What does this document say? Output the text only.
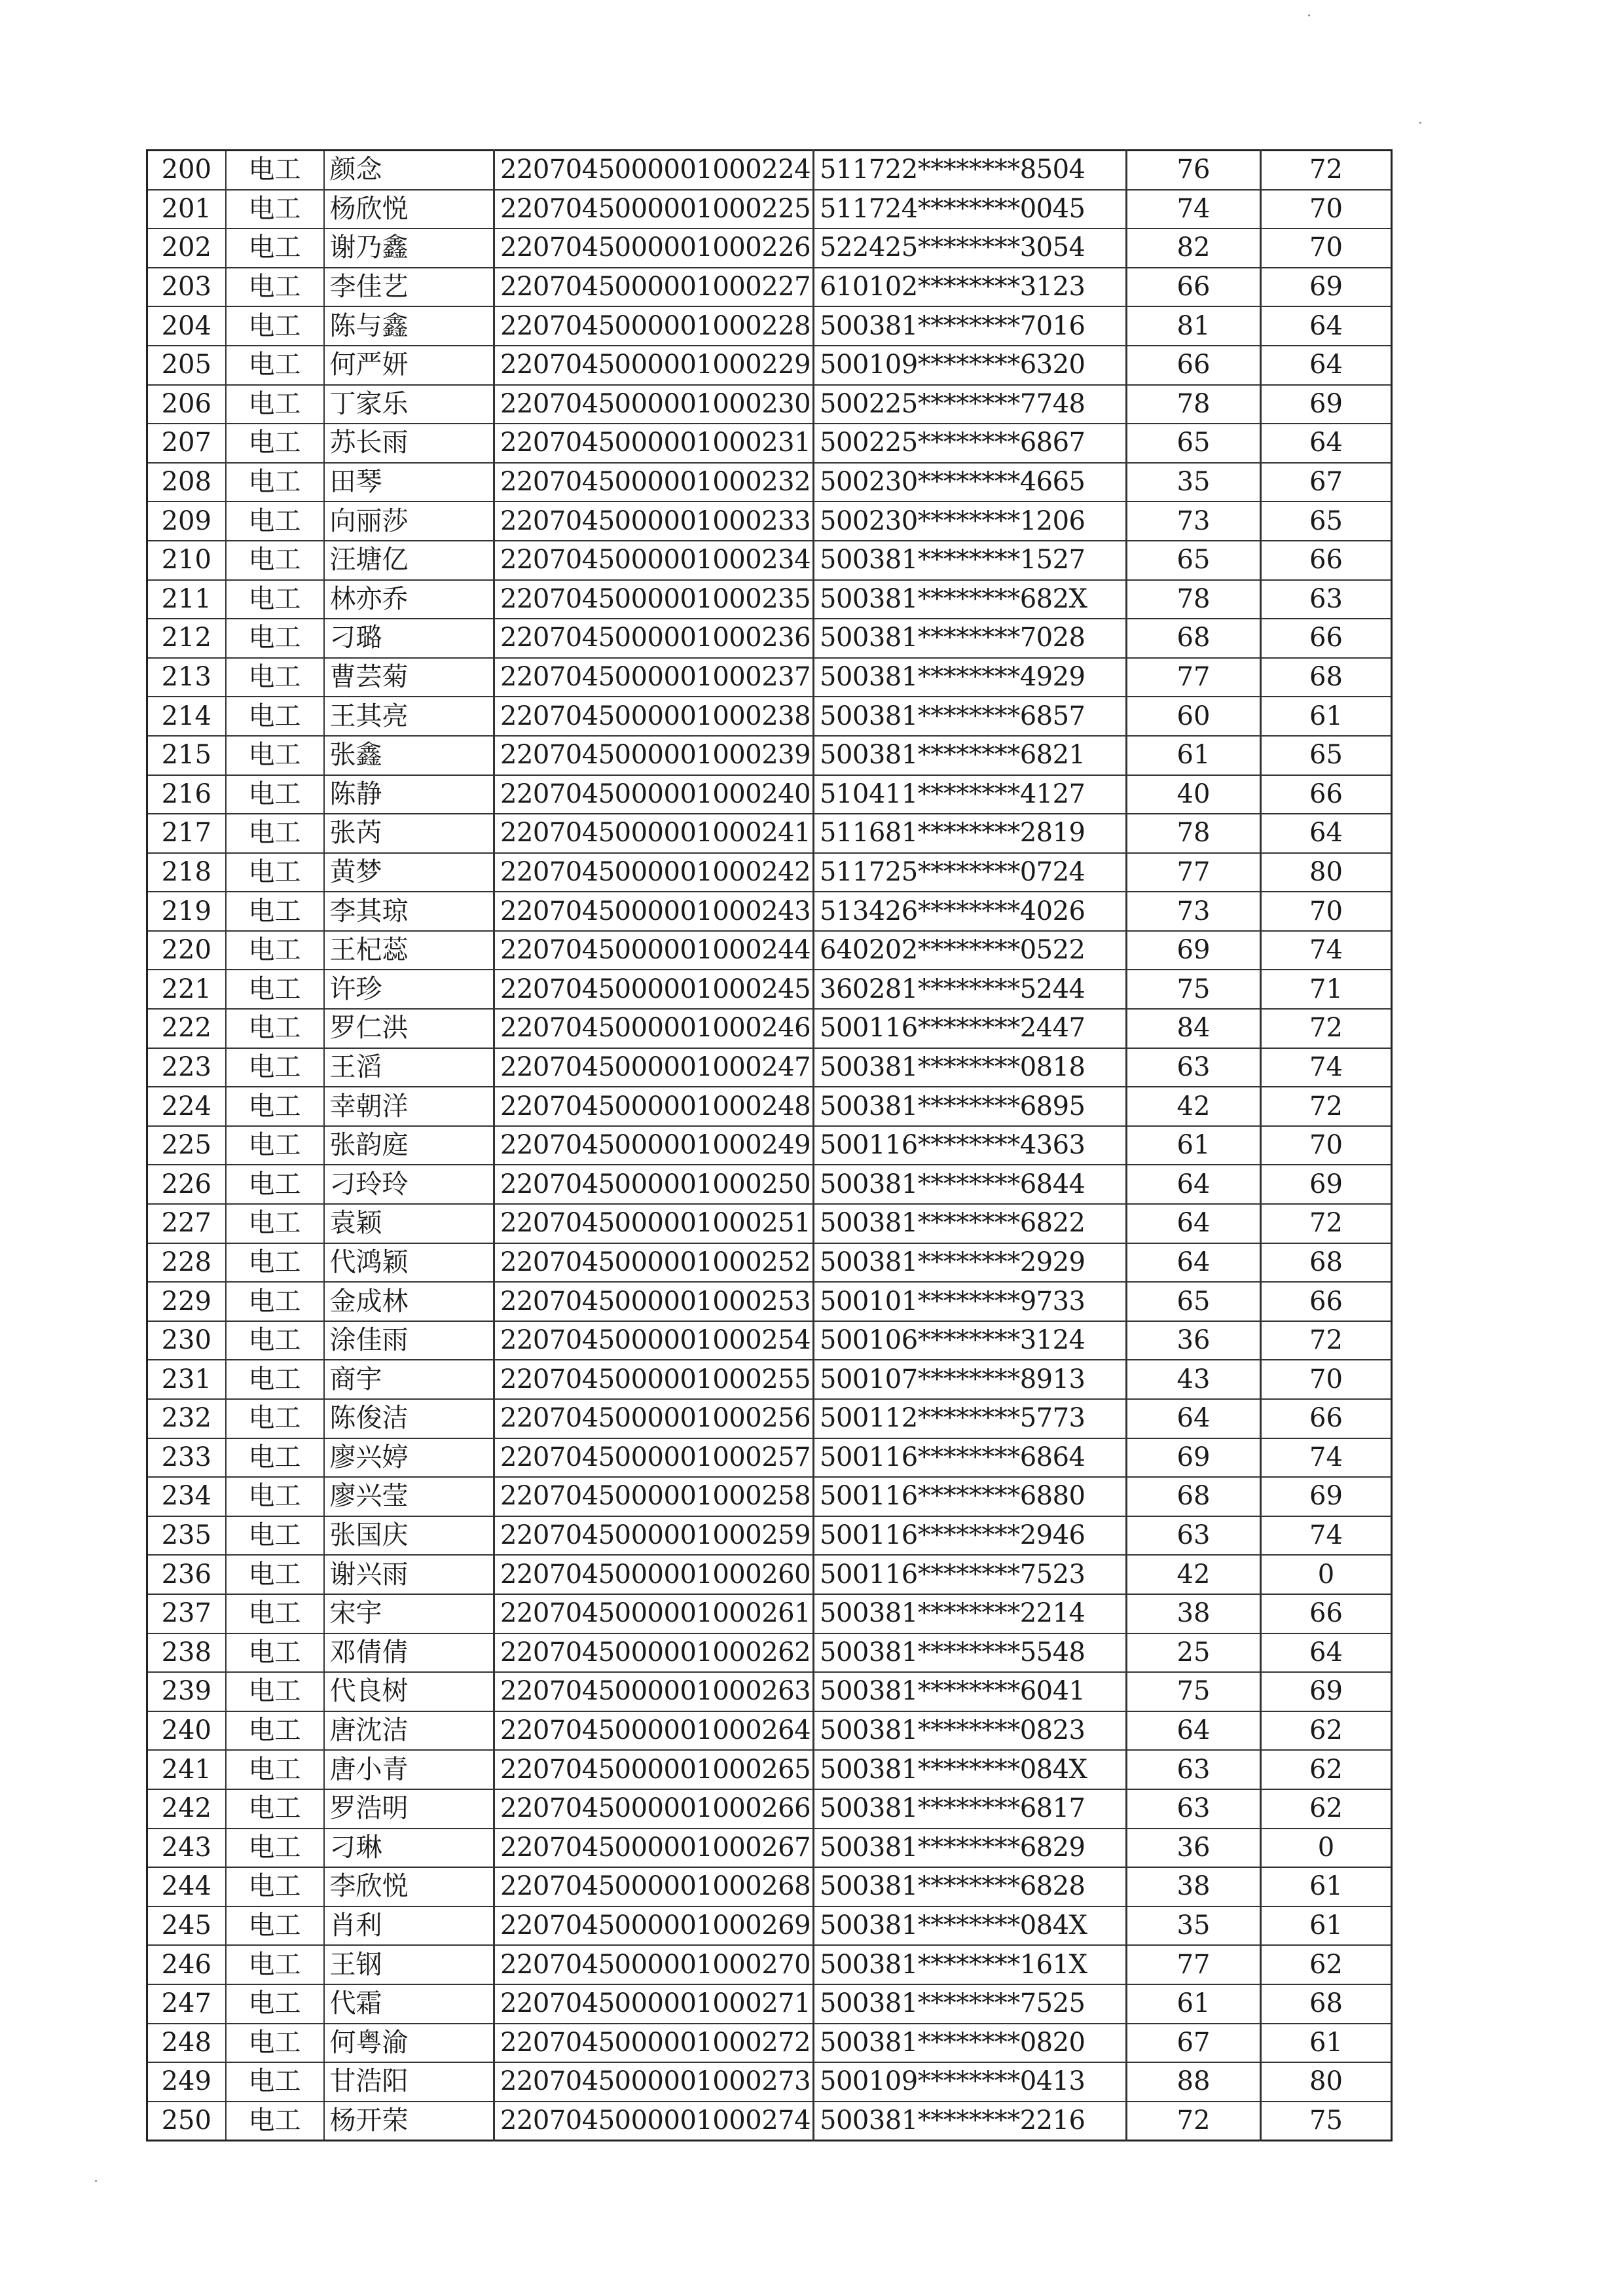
200	电工	颜念	2207045000001000224	511722********8504	76	72
201	电工	杨欣悦	2207045000001000225	511724********0045	74	70
202	电工	谢乃鑫	2207045000001000226	522425********3054	82	70
203	电工	李佳艺	2207045000001000227	610102********3123	66	69
204	电工	陈与鑫	2207045000001000228	500381********7016	81	64
205	电工	何严妍	2207045000001000229	500109********6320	66	64
206	电工	丁家乐	2207045000001000230	500225********7748	78	69
207	电工	苏长雨	2207045000001000231	500225********6867	65	64
208	电工	田琴	2207045000001000232	500230********4665	35	67
209	电工	向丽莎	2207045000001000233	500230********1206	73	65
210	电工	汪塘亿	2207045000001000234	500381********1527	65	66
211	电工	林亦乔	2207045000001000235	500381********682X	78	63
212	电工	刁璐	2207045000001000236	500381********7028	68	66
213	电工	曹芸菊	2207045000001000237	500381********4929	77	68
214	电工	王其亮	2207045000001000238	500381********6857	60	61
215	电工	张鑫	2207045000001000239	500381********6821	61	65
216	电工	陈静	2207045000001000240	510411********4127	40	66
217	电工	张芮	2207045000001000241	511681********2819	78	64
218	电工	黄梦	2207045000001000242	511725********0724	77	80
219	电工	李其琼	2207045000001000243	513426********4026	73	70
220	电工	王杞蕊	2207045000001000244	640202********0522	69	74
221	电工	许珍	2207045000001000245	360281********5244	75	71
222	电工	罗仁洪	2207045000001000246	500116********2447	84	72
223	电工	王滔	2207045000001000247	500381********0818	63	74
224	电工	幸朝洋	2207045000001000248	500381********6895	42	72
225	电工	张韵庭	2207045000001000249	500116********4363	61	70
226	电工	刁玲玲	2207045000001000250	500381********6844	64	69
227	电工	袁颖	2207045000001000251	500381********6822	64	72
228	电工	代鸿颖	2207045000001000252	500381********2929	64	68
229	电工	金成林	2207045000001000253	500101********9733	65	66
230	电工	涂佳雨	2207045000001000254	500106********3124	36	72
231	电工	商宇	2207045000001000255	500107********8913	43	70
232	电工	陈俊洁	2207045000001000256	500112********5773	64	66
233	电工	廖兴婷	2207045000001000257	500116********6864	69	74
234	电工	廖兴莹	2207045000001000258	500116********6880	68	69
235	电工	张国庆	2207045000001000259	500116********2946	63	74
236	电工	谢兴雨	2207045000001000260	500116********7523	42	0
237	电工	宋宇	2207045000001000261	500381********2214	38	66
238	电工	邓倩倩	2207045000001000262	500381********5548	25	64
239	电工	代良树	2207045000001000263	500381********6041	75	69
240	电工	唐沈洁	2207045000001000264	500381********0823	64	62
241	电工	唐小青	2207045000001000265	500381********084X	63	62
242	电工	罗浩明	2207045000001000266	500381********6817	63	62
243	电工	刁琳	2207045000001000267	500381********6829	36	0
244	电工	李欣悦	2207045000001000268	500381********6828	38	61
245	电工	肖利	2207045000001000269	500381********084X	35	61
246	电工	王钢	2207045000001000270	500381********161X	77	62
247	电工	代霜	2207045000001000271	500381********7525	61	68
248	电工	何粤渝	2207045000001000272	500381********0820	67	61
249	电工	甘浩阳	2207045000001000273	500109********0413	88	80
250	电工	杨开荣	2207045000001000274	500381********2216	72	75
